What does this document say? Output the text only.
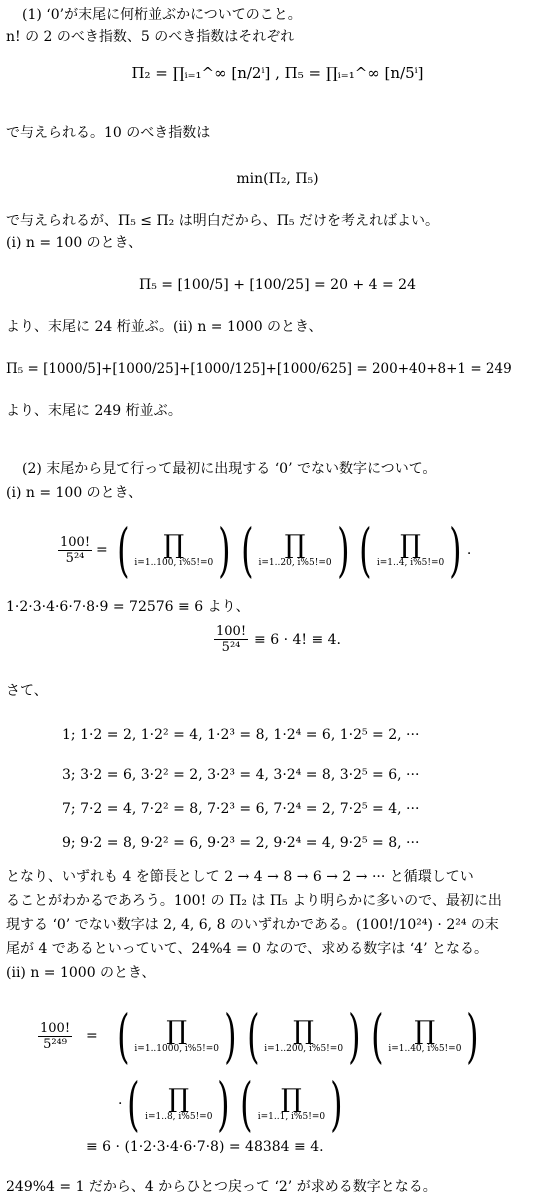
(1) ‘0’が末尾に何桁並ぶかについてのこと。
n! の 2 のべき指数、5 のべき指数はそれぞれ
Π₂ = ∏ᵢ₌₁^∞ [n/2ⁱ] , Π₅ = ∏ᵢ₌₁^∞ [n/5ⁱ]
で与えられる。10 のべき指数は
min(Π₂, Π₅)
で与えられるが、Π₅ ≤ Π₂ は明白だから、Π₅ だけを考えればよい。
(i) n = 100 のとき、
Π₅ = [100/5] + [100/25] = 20 + 4 = 24
より、末尾に 24 桁並ぶ。(ii) n = 1000 のとき、
Π₅ = [1000/5]+[1000/25]+[1000/125]+[1000/625] = 200+40+8+1 = 249
より、末尾に 249 桁並ぶ。
(2) 末尾から見て行って最初に出現する ‘0’ でない数字について。
(i) n = 100 のとき、
$\frac{100!}{\text{5²⁴}}$ = ( ∏
i=1..100, i%5!=0 ) ( ∏
i=1..20, i%5!=0 ) ( ∏
i=1..4, i%5!=0 ) .
1·2·3·4·6·7·8·9 = 72576 ≡ 6 より、
$\frac{100!}{\text{5²⁴}} \equiv 6 \cdot 4$! ≡ 4.
さて、
1; 1·2 = 2, 1·2² = 4, 1·2³ = 8, 1·2⁴ = 6, 1·2⁵ = 2, ···
3; 3·2 = 6, 3·2² = 2, 3·2³ = 4, 3·2⁴ = 8, 3·2⁵ = 6, ···
7; 7·2 = 4, 7·2² = 8, 7·2³ = 6, 7·2⁴ = 2, 7·2⁵ = 4, ···
9; 9·2 = 8, 9·2² = 6, 9·2³ = 2, 9·2⁴ = 4, 9·2⁵ = 8, ···
となり、いずれも 4 を節長として 2 → 4 → 8 → 6 → 2 → ··· と循環してい
ることがわかるであろう。100! の Π₂ は Π₅ より明らかに多いので、最初に出
現する ‘0’ でない数字は 2, 4, 6, 8 のいずれかである。(100!/10²⁴) · 2²⁴ の末
尾が 4 であるといっていて、24%4 = 0 なので、求める数字は ‘4’ となる。
(ii) n = 1000 のとき、
$\frac{100!}{\text{5²⁴⁹}}$ = ( ∏
i=1..1000, i%5!=0 ) ( ∏
i=1..200, i%5!=0 ) ( ∏
i=1..40, i%5!=0 )
· ( ∏
i=1..8, i%5!=0 ) ( ∏
i=1..1, i%5!=0 )
≡ 6 · (1·2·3·4·6·7·8) = 48384 ≡ 4.
249%4 = 1 だから、4 からひとつ戻って ‘2’ が求める数字となる。
